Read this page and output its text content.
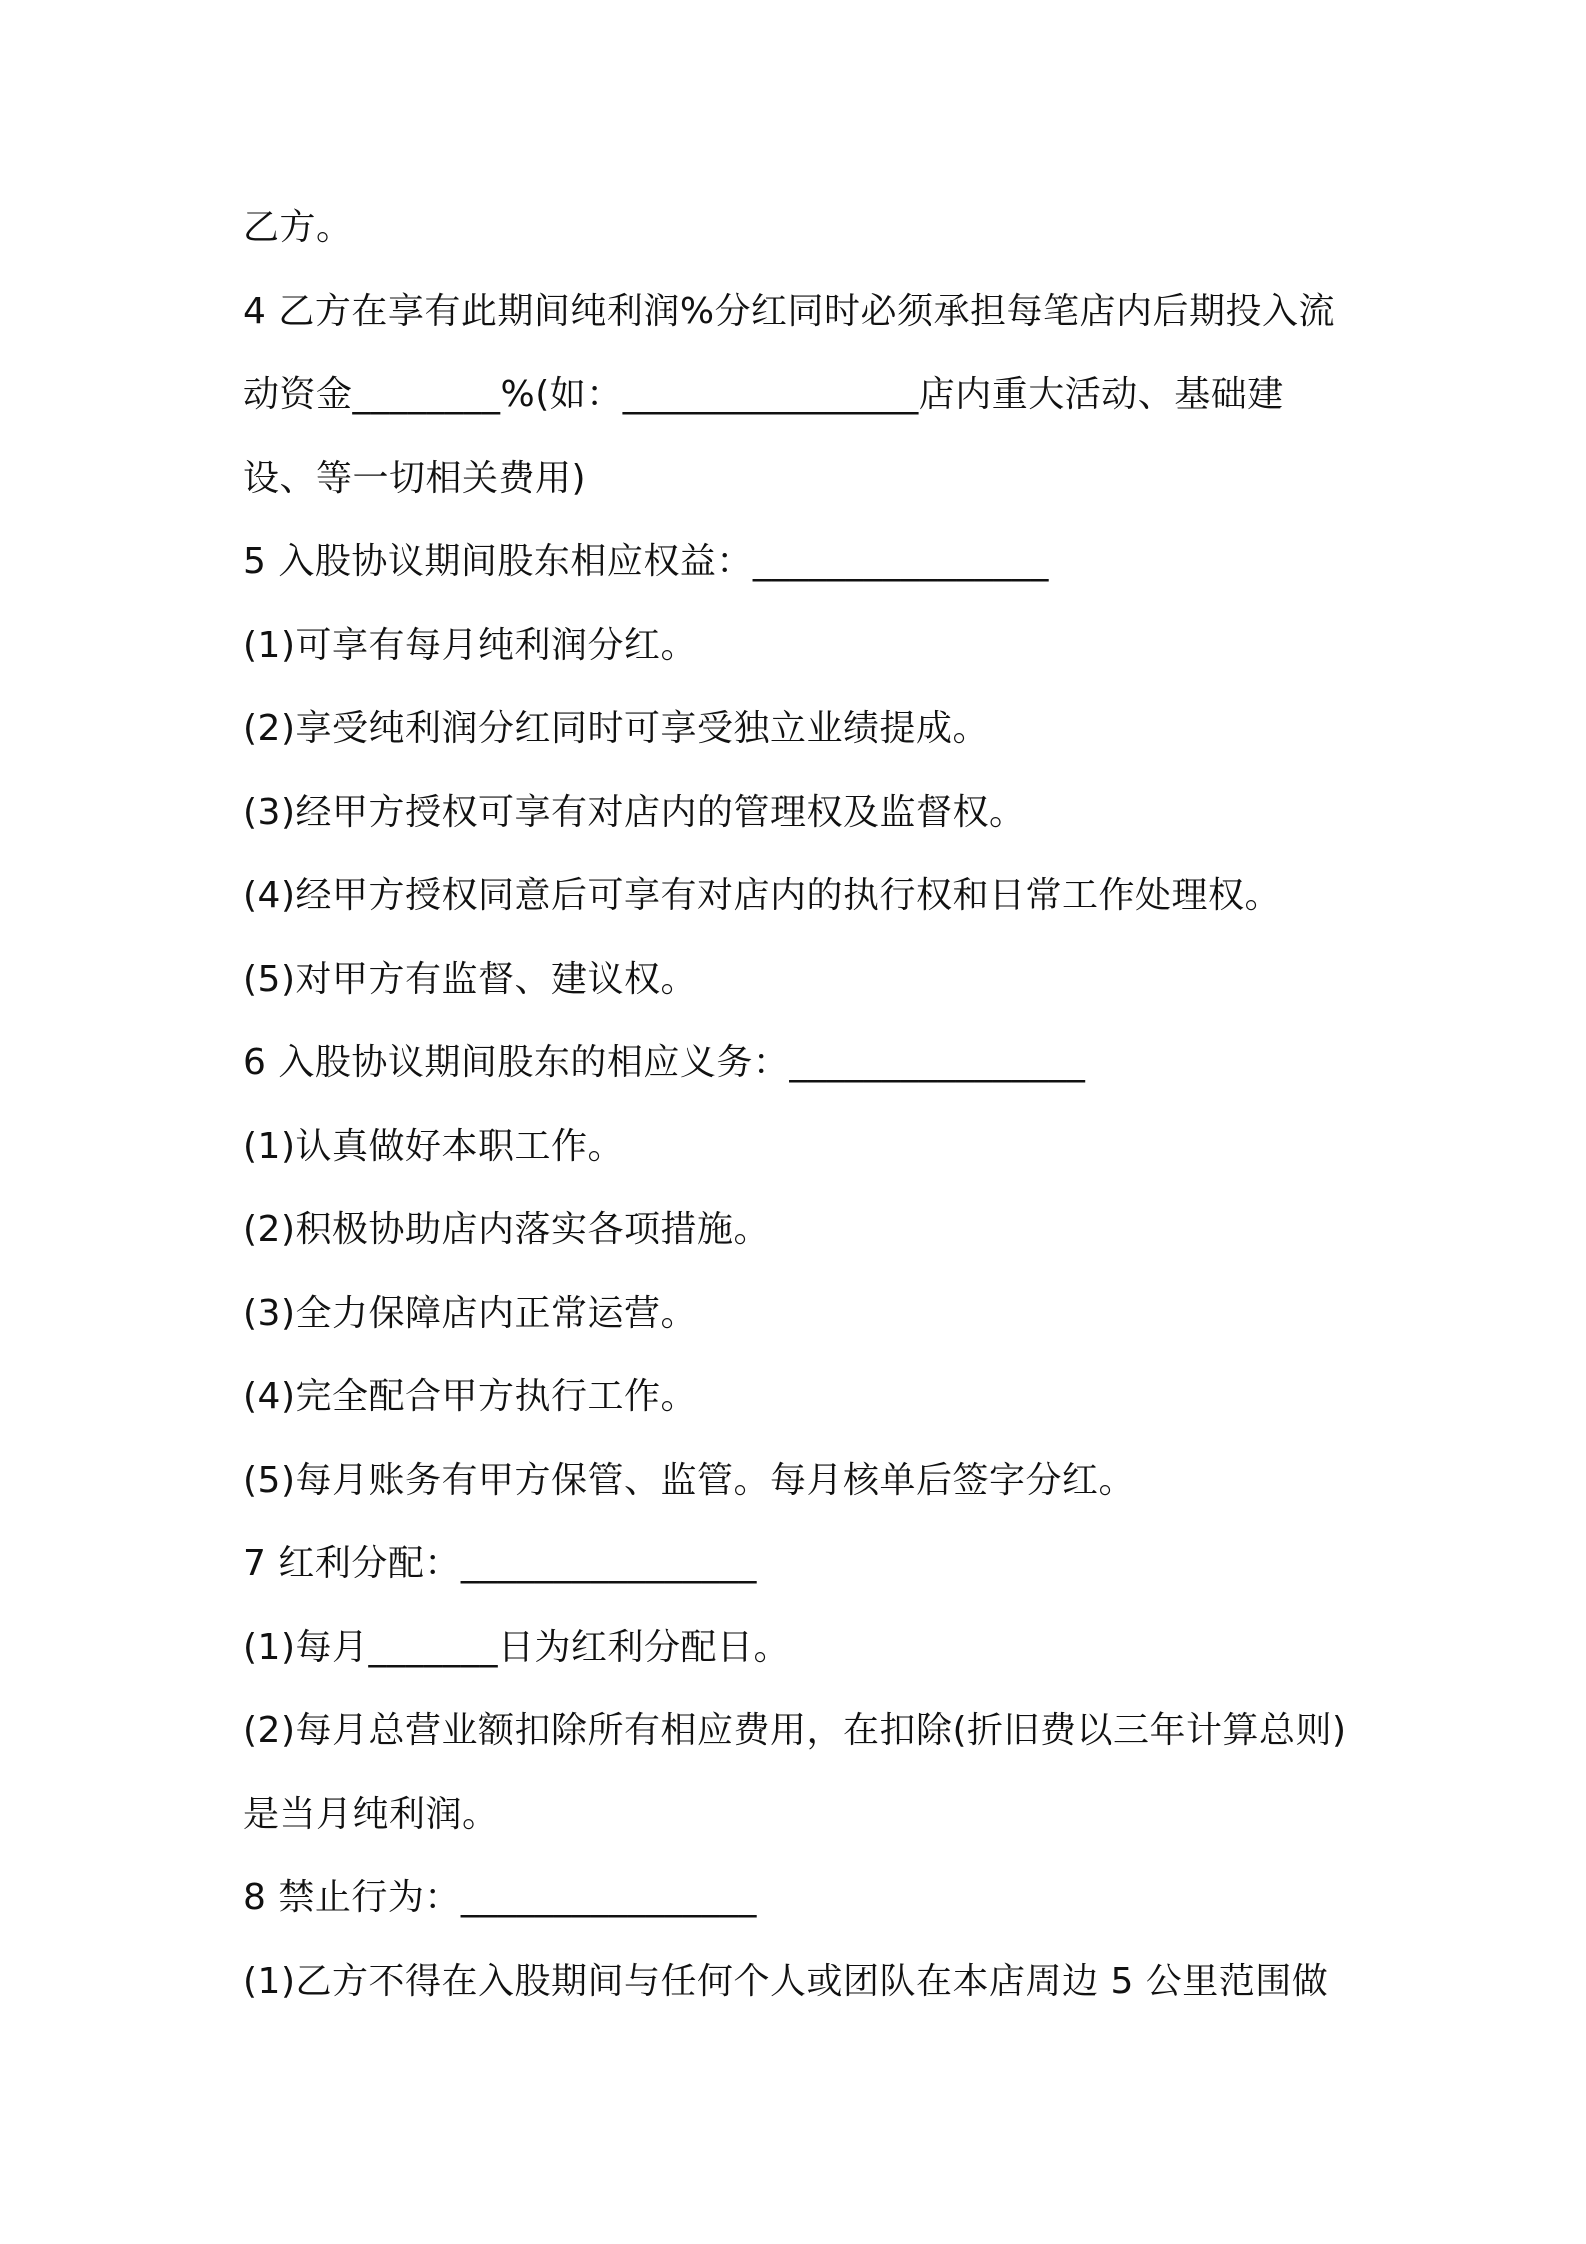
乙方。
4 乙方在享有此期间纯利润%分红同时必须承担每笔店内后期投入流
动资金________%(如：________________店内重大活动、基础建
设、等一切相关费用)
5 入股协议期间股东相应权益：________________
(1)可享有每月纯利润分红。
(2)享受纯利润分红同时可享受独立业绩提成。
(3)经甲方授权可享有对店内的管理权及监督权。
(4)经甲方授权同意后可享有对店内的执行权和日常工作处理权。
(5)对甲方有监督、建议权。
6 入股协议期间股东的相应义务：________________
(1)认真做好本职工作。
(2)积极协助店内落实各项措施。
(3)全力保障店内正常运营。
(4)完全配合甲方执行工作。
(5)每月账务有甲方保管、监管。每月核单后签字分红。
7 红利分配：________________
(1)每月_______日为红利分配日。
(2)每月总营业额扣除所有相应费用，在扣除(折旧费以三年计算总则)
是当月纯利润。
8 禁止行为：________________
(1)乙方不得在入股期间与任何个人或团队在本店周边 5 公里范围做
